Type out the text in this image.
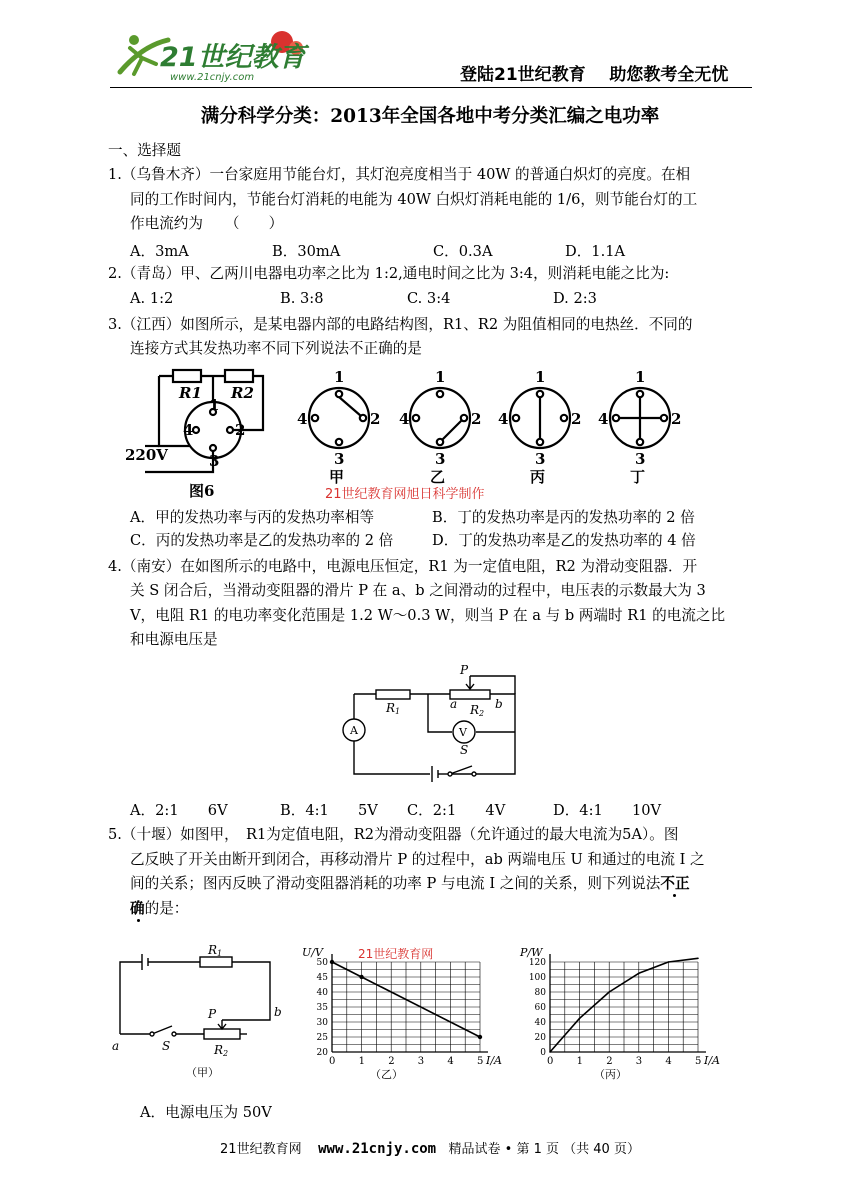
21世纪教育
www.21cnjy.com	登陆21世纪教育    助您教考全无忧
满分科学分类：2013年全国各地中考分类汇编之电功率
一、选择题
1.（乌鲁木齐）一台家庭用节能台灯，其灯泡亮度相当于 40W 的普通白炽灯的亮度。在相
同的工作时间内，节能台灯消耗的电能为 40W 白炽灯消耗电能的 1/6，则节能台灯的工
作电流约为　　（　　）
A．3mA	B．30mA	C．0.3A	D．1.1A
2.（青岛）甲、乙两川电器电功率之比为 1:2,通电时间之比为 3:4，则消耗电能之比为:
A. 1:2	B. 3:8	C. 3:4	D. 2:3
3.（江西）如图所示，是某电器内部的电路结构图，R1、R2 为阻值相同的电热丝．不同的
连接方式其发热功率不同下列说法不正确的是
R1 R2
1
4	2
3
220V
图6
1
4	2
3
甲
1
4	2
3
乙
1
4	2
3
丙
1
4	2
3
丁
21世纪教育网旭日科学制作
A．甲的发热功率与丙的发热功率相等	B．丁的发热功率是丙的发热功率的 2 倍
C．丙的发热功率是乙的发热功率的 2 倍	D．丁的发热功率是乙的发热功率的 4 倍
4.（南安）在如图所示的电路中，电源电压恒定，R1 为一定值电阻，R2 为滑动变阻器．开
关 S 闭合后，当滑动变阻器的滑片 P 在 a、b 之间滑动的过程中，电压表的示数最大为 3
V，电阻 R1 的电功率变化范围是 1.2 W～0.3 W，则当 P 在 a 与 b 两端时 R1 的电流之比
和电源电压是
A	V
R1
P
a R2
b
S
A．2:1　　6V	B．4:1　　5V C．2:1　　4V	D．4:1　　10V
5.（十堰）如图甲，　R1为定值电阻，R2为滑动变阻器（允许通过的最大电流为5A）。图
乙反映了开关由断开到闭合，再移动滑片 P 的过程中，ab 两端电压 U 和通过的电流 I 之
间的关系；图丙反映了滑动变阻器消耗的功率 P 与电流 I 之间的关系，则下列说法不正
确的是：
R1
b
a	S
P
R2
（甲）
21世纪教育网
（乙）
0 1 2 3 4 5
20
25
30
35
40
45
50
U/V
I/A
（丙）
0 1 2 3 4 5
0
20
40
60
80
100
120
P/W
I/A
A．电源电压为 50V
21世纪教育网 www.21cnjy.com 精品试卷 • 第 1 页 （共 40 页）
